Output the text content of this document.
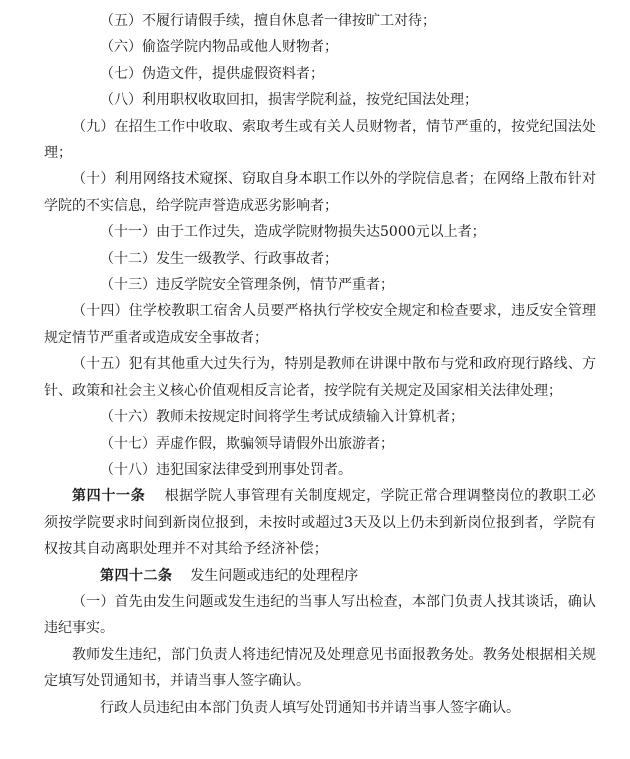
（五）不履行请假手续，擅自休息者一律按旷工对待；

（六）偷盗学院内物品或他人财物者；

（七）伪造文件，提供虚假资料者；

（八）利用职权收取回扣，损害学院利益，按党纪国法处理；

（九）在招生工作中收取、索取考生或有关人员财物者，情节严重的，按党纪国法处理；

（十）利用网络技术窥探、窃取自身本职工作以外的学院信息者；在网络上散布针对学院的不实信息，给学院声誉造成恶劣影响者；

（十一）由于工作过失，造成学院财物损失达5000元以上者；

（十二）发生一级教学、行政事故者；

（十三）违反学院安全管理条例，情节严重者；

（十四）住学校教职工宿舍人员要严格执行学校安全规定和检查要求，违反安全管理规定情节严重者或造成安全事故者；

（十五）犯有其他重大过失行为，特别是教师在讲课中散布与党和政府现行路线、方针、政策和社会主义核心价值观相反言论者，按学院有关规定及国家相关法律处理；

（十六）教师未按规定时间将学生考试成绩输入计算机者；

（十七）弄虚作假，欺骗领导请假外出旅游者；

（十八）违犯国家法律受到刑事处罚者。

第四十一条 根据学院人事管理有关制度规定，学院正常合理调整岗位的教职工必须按学院要求时间到新岗位报到，未按时或超过3天及以上仍未到新岗位报到者，学院有权按其自动离职处理并不对其给予经济补偿；

第四十二条 发生问题或违纪的处理程序

（一）首先由发生问题或发生违纪的当事人写出检查，本部门负责人找其谈话，确认违纪事实。

教师发生违纪，部门负责人将违纪情况及处理意见书面报教务处。教务处根据相关规定填写处罚通知书，并请当事人签字确认。

行政人员违纪由本部门负责人填写处罚通知书并请当事人签字确认。
